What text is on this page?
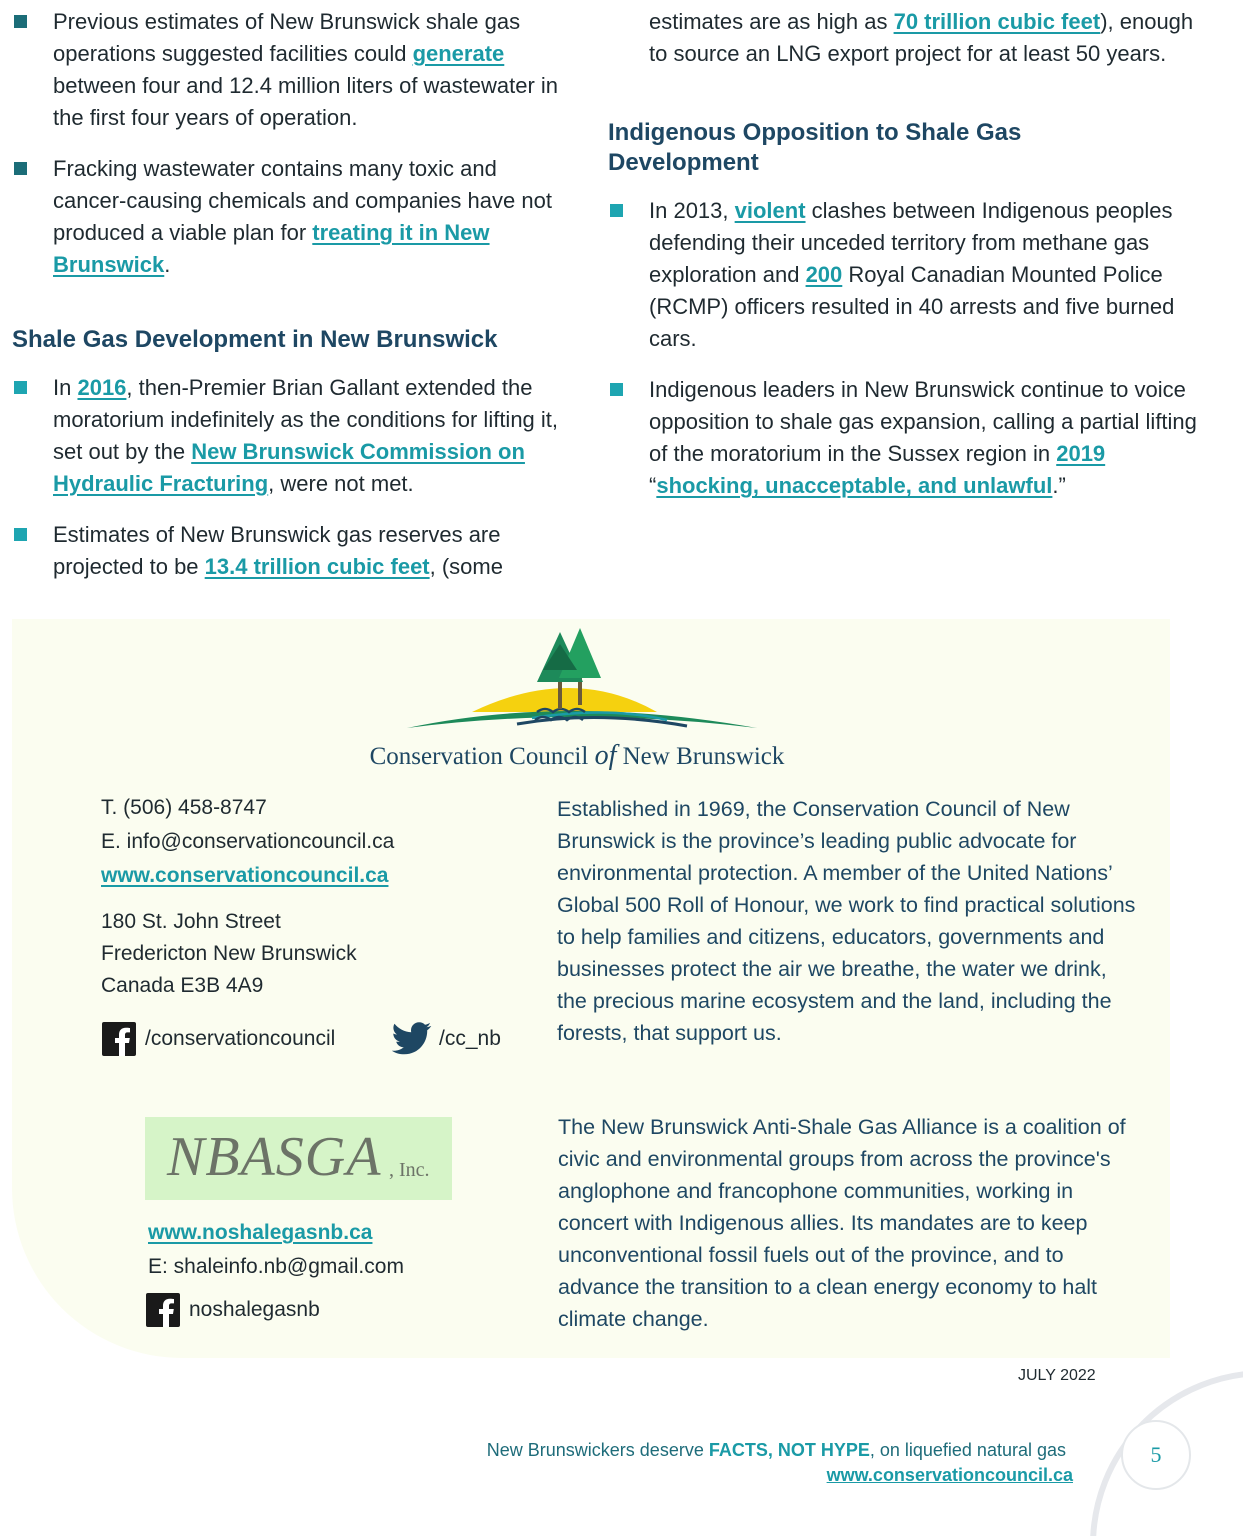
Previous estimates of New Brunswick shale gas operations suggested facilities could generate between four and 12.4 million liters of wastewater in the first four years of operation.
Fracking wastewater contains many toxic and cancer-causing chemicals and companies have not produced a viable plan for treating it in New Brunswick.
Shale Gas Development in New Brunswick
In 2016, then-Premier Brian Gallant extended the moratorium indefinitely as the conditions for lifting it, set out by the New Brunswick Commission on Hydraulic Fracturing, were not met.
Estimates of New Brunswick gas reserves are projected to be 13.4 trillion cubic feet, (some
estimates are as high as 70 trillion cubic feet), enough to source an LNG export project for at least 50 years.
Indigenous Opposition to Shale Gas Development
In 2013, violent clashes between Indigenous peoples defending their unceded territory from methane gas exploration and 200 Royal Canadian Mounted Police (RCMP) officers resulted in 40 arrests and five burned cars.
Indigenous leaders in New Brunswick continue to voice opposition to shale gas expansion, calling a partial lifting of the moratorium in the Sussex region in 2019 “shocking, unacceptable, and unlawful.”
Conservation Council of New Brunswick
T. (506) 458-8747
E. info@conservationcouncil.ca
www.conservationcouncil.ca
180 St. John Street
Fredericton New Brunswick
Canada E3B 4A9
/conservationcouncil	/cc_nb
Established in 1969, the Conservation Council of New Brunswick is the province’s leading public advocate for environmental protection. A member of the United Nations’ Global 500 Roll of Honour, we work to find practical solutions to help families and citizens, educators, governments and businesses protect the air we breathe, the water we drink, the precious marine ecosystem and the land, including the forests, that support us.
NBASGA , Inc.
www.noshalegasnb.ca
E: shaleinfo.nb@gmail.com
noshalegasnb
The New Brunswick Anti-Shale Gas Alliance is a coalition of civic and environmental groups from across the province's anglophone and francophone communities, working in concert with Indigenous allies. Its mandates are to keep unconventional fossil fuels out of the province, and to advance the transition to a clean energy economy to halt climate change.
5
JULY 2022
New Brunswickers deserve FACTS, NOT HYPE, on liquefied natural gas
www.conservationcouncil.ca
